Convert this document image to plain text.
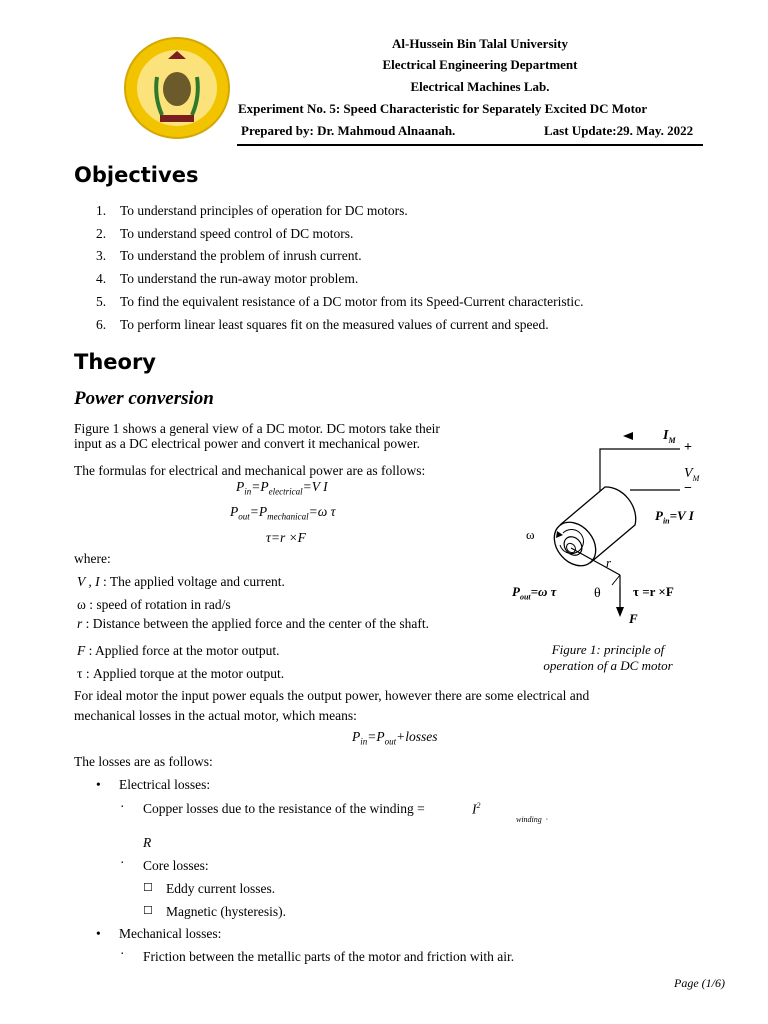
Al-Hussein Bin Talal University
Electrical Engineering Department
Electrical Machines Lab.
Experiment No. 5: Speed Characteristic for Separately Excited DC Motor
Prepared by: Dr. Mahmoud Alnaanah.	Last Update:29. May. 2022
Objectives
1. To understand principles of operation for DC motors.
2. To understand speed control of DC motors.
3. To understand the problem of inrush current.
4. To understand the run-away motor problem.
5. To find the equivalent resistance of a DC motor from its Speed-Current characteristic.
6. To perform linear least squares fit on the measured values of current and speed.
Theory
Power conversion
Figure 1 shows a general view of a DC motor. DC motors take their
input as a DC electrical power and convert it mechanical power.
The formulas for electrical and mechanical power are as follows:
$P_{in}=P_{electrical}=V$ I
$P_{out}=P_{mechanical}=\omega$ τ
τ=r ×F
where:
V , I : The applied voltage and current.
ω : speed of rotation in rad/s
r : Distance between the applied force and the center of the shaft.
F : Applied force at the motor output.
τ : Applied torque at the motor output.
$I_M$ +
$V_M$
−
$P_{in}=V$ I
ω
r
$P_{out}=\omega$ τ	θ τ =r ×F
F
Figure 1: principle of
operation of a DC motor
For ideal motor the input power equals the output power, however there are some electrical and
mechanical losses in the actual motor, which means:
$P_{in}=P_{out}+losses$
The losses are as follows:
• Electrical losses:
· Copper losses due to the resistance of the winding =	$I^2$
winding  ·
R
· Core losses:
☐ Eddy current losses.
☐ Magnetic (hysteresis).
• Mechanical losses:
· Friction between the metallic parts of the motor and friction with air.
Page (1/6)
